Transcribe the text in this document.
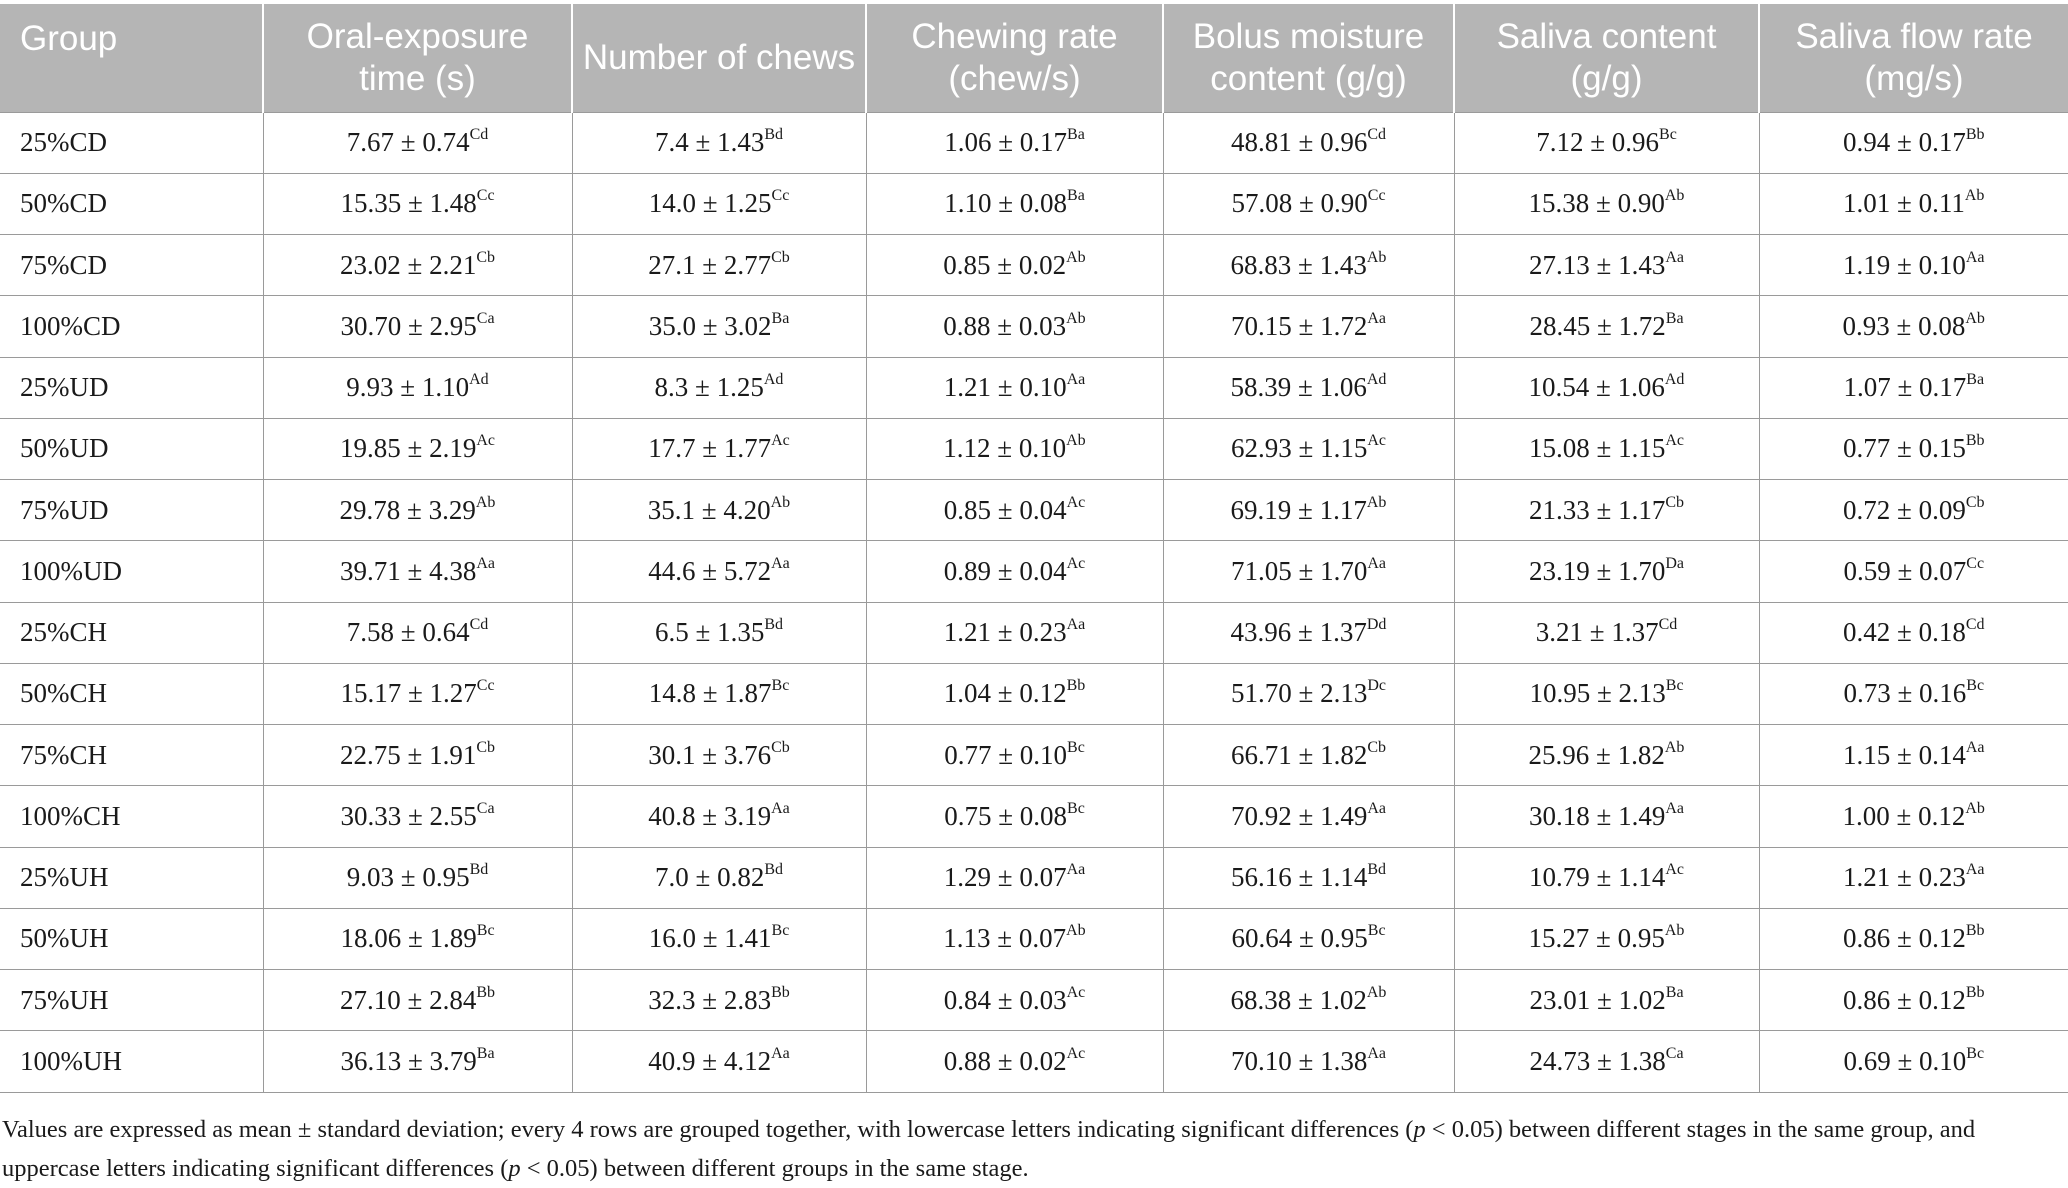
Group	Oral-exposure time (s)	Number of chews	Chewing rate (chew/s)	Bolus moisture content (g/g)	Saliva content (g/g)	Saliva flow rate (mg/s)
25%CD	$7.67 \pm 0.74^{Cd}$	$7.4 \pm 1.43^{Bd}$	$1.06 \pm 0.17^{Ba}$	$48.81 \pm 0.96^{Cd}$	$7.12 \pm 0.96^{Bc}$	$0.94 \pm 0.17^{Bb}$
50%CD	$15.35 \pm 1.48^{Cc}$	$14.0 \pm 1.25^{Cc}$	$1.10 \pm 0.08^{Ba}$	$57.08 \pm 0.90^{Cc}$	$15.38 \pm 0.90^{Ab}$	$1.01 \pm 0.11^{Ab}$
75%CD	$23.02 \pm 2.21^{Cb}$	$27.1 \pm 2.77^{Cb}$	$0.85 \pm 0.02^{Ab}$	$68.83 \pm 1.43^{Ab}$	$27.13 \pm 1.43^{Aa}$	$1.19 \pm 0.10^{Aa}$
100%CD	$30.70 \pm 2.95^{Ca}$	$35.0 \pm 3.02^{Ba}$	$0.88 \pm 0.03^{Ab}$	$70.15 \pm 1.72^{Aa}$	$28.45 \pm 1.72^{Ba}$	$0.93 \pm 0.08^{Ab}$
25%UD	$9.93 \pm 1.10^{Ad}$	$8.3 \pm 1.25^{Ad}$	$1.21 \pm 0.10^{Aa}$	$58.39 \pm 1.06^{Ad}$	$10.54 \pm 1.06^{Ad}$	$1.07 \pm 0.17^{Ba}$
50%UD	$19.85 \pm 2.19^{Ac}$	$17.7 \pm 1.77^{Ac}$	$1.12 \pm 0.10^{Ab}$	$62.93 \pm 1.15^{Ac}$	$15.08 \pm 1.15^{Ac}$	$0.77 \pm 0.15^{Bb}$
75%UD	$29.78 \pm 3.29^{Ab}$	$35.1 \pm 4.20^{Ab}$	$0.85 \pm 0.04^{Ac}$	$69.19 \pm 1.17^{Ab}$	$21.33 \pm 1.17^{Cb}$	$0.72 \pm 0.09^{Cb}$
100%UD	$39.71 \pm 4.38^{Aa}$	$44.6 \pm 5.72^{Aa}$	$0.89 \pm 0.04^{Ac}$	$71.05 \pm 1.70^{Aa}$	$23.19 \pm 1.70^{Da}$	$0.59 \pm 0.07^{Cc}$
25%CH	$7.58 \pm 0.64^{Cd}$	$6.5 \pm 1.35^{Bd}$	$1.21 \pm 0.23^{Aa}$	$43.96 \pm 1.37^{Dd}$	$3.21 \pm 1.37^{Cd}$	$0.42 \pm 0.18^{Cd}$
50%CH	$15.17 \pm 1.27^{Cc}$	$14.8 \pm 1.87^{Bc}$	$1.04 \pm 0.12^{Bb}$	$51.70 \pm 2.13^{Dc}$	$10.95 \pm 2.13^{Bc}$	$0.73 \pm 0.16^{Bc}$
75%CH	$22.75 \pm 1.91^{Cb}$	$30.1 \pm 3.76^{Cb}$	$0.77 \pm 0.10^{Bc}$	$66.71 \pm 1.82^{Cb}$	$25.96 \pm 1.82^{Ab}$	$1.15 \pm 0.14^{Aa}$
100%CH	$30.33 \pm 2.55^{Ca}$	$40.8 \pm 3.19^{Aa}$	$0.75 \pm 0.08^{Bc}$	$70.92 \pm 1.49^{Aa}$	$30.18 \pm 1.49^{Aa}$	$1.00 \pm 0.12^{Ab}$
25%UH	$9.03 \pm 0.95^{Bd}$	$7.0 \pm 0.82^{Bd}$	$1.29 \pm 0.07^{Aa}$	$56.16 \pm 1.14^{Bd}$	$10.79 \pm 1.14^{Ac}$	$1.21 \pm 0.23^{Aa}$
50%UH	$18.06 \pm 1.89^{Bc}$	$16.0 \pm 1.41^{Bc}$	$1.13 \pm 0.07^{Ab}$	$60.64 \pm 0.95^{Bc}$	$15.27 \pm 0.95^{Ab}$	$0.86 \pm 0.12^{Bb}$
75%UH	$27.10 \pm 2.84^{Bb}$	$32.3 \pm 2.83^{Bb}$	$0.84 \pm 0.03^{Ac}$	$68.38 \pm 1.02^{Ab}$	$23.01 \pm 1.02^{Ba}$	$0.86 \pm 0.12^{Bb}$
100%UH	$36.13 \pm 3.79^{Ba}$	$40.9 \pm 4.12^{Aa}$	$0.88 \pm 0.02^{Ac}$	$70.10 \pm 1.38^{Aa}$	$24.73 \pm 1.38^{Ca}$	$0.69 \pm 0.10^{Bc}$
Values are expressed as mean ± standard deviation; every 4 rows are grouped together, with lowercase letters indicating significant differences (p < 0.05) between different stages in the same group, and uppercase letters indicating significant differences (p < 0.05) between different groups in the same stage.
